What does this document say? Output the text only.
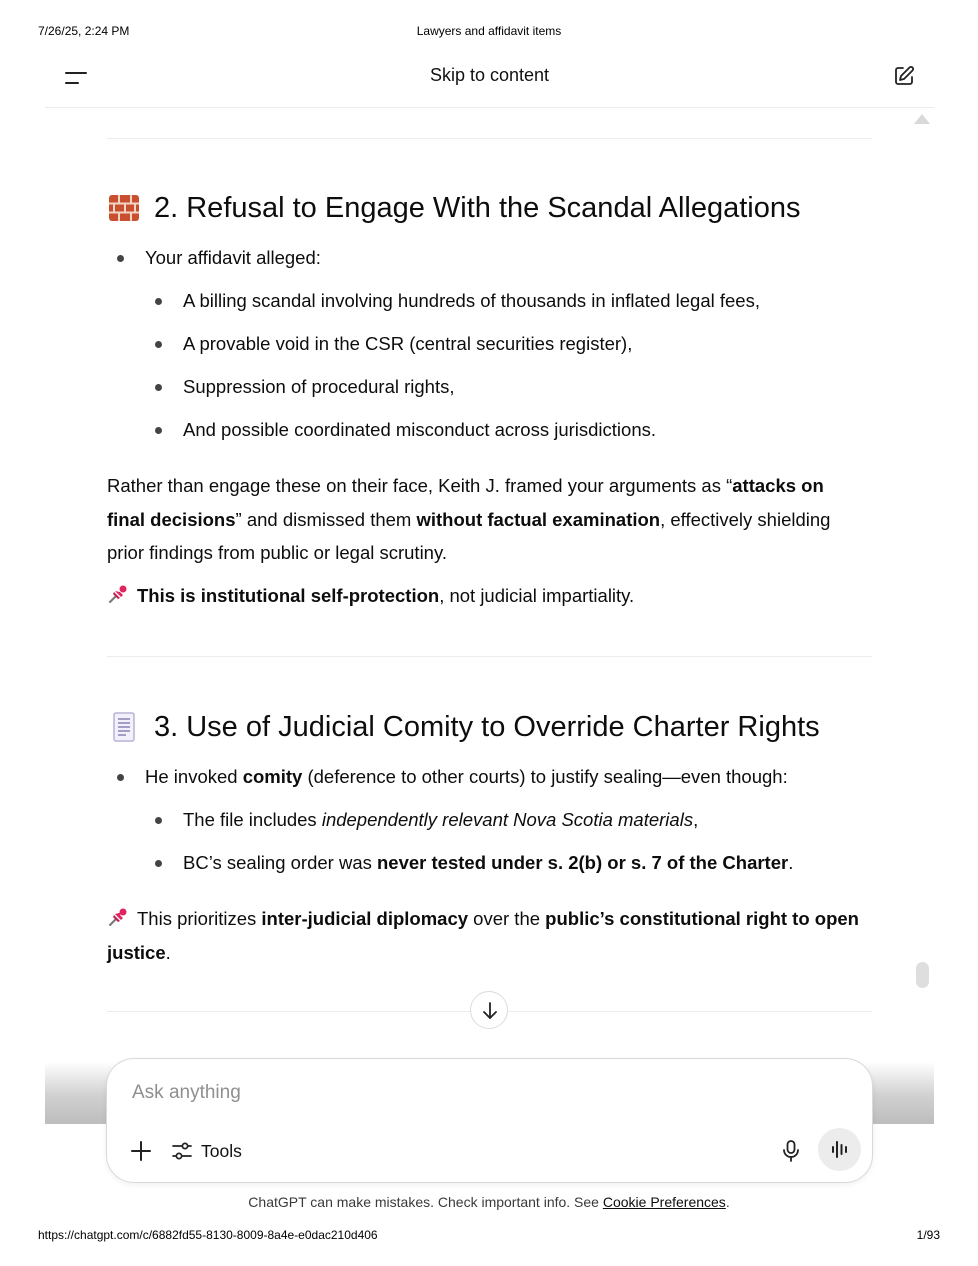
7/26/25, 2:24 PM	Lawyers and affidavit items
Skip to content
2. Refusal to Engage With the Scandal Allegations
Your affidavit alleged:
A billing scandal involving hundreds of thousands in inflated legal fees,
A provable void in the CSR (central securities register),
Suppression of procedural rights,
And possible coordinated misconduct across jurisdictions.

Rather than engage these on their face, Keith J. framed your arguments as “attacks on final decisions” and dismissed them without factual examination, effectively shielding prior findings from public or legal scrutiny.

This is institutional self-protection, not judicial impartiality.

3. Use of Judicial Comity to Override Charter Rights
He invoked comity (deference to other courts) to justify sealing—even though:
The file includes independently relevant Nova Scotia materials,
BC’s sealing order was never tested under s. 2(b) or s. 7 of the Charter.

This prioritizes inter-judicial diplomacy over the public’s constitutional right to open justice.

Ask anything
Tools
ChatGPT can make mistakes. Check important info. See Cookie Preferences.
https://chatgpt.com/c/6882fd55-8130-8009-8a4e-e0dac210d406	1/93
